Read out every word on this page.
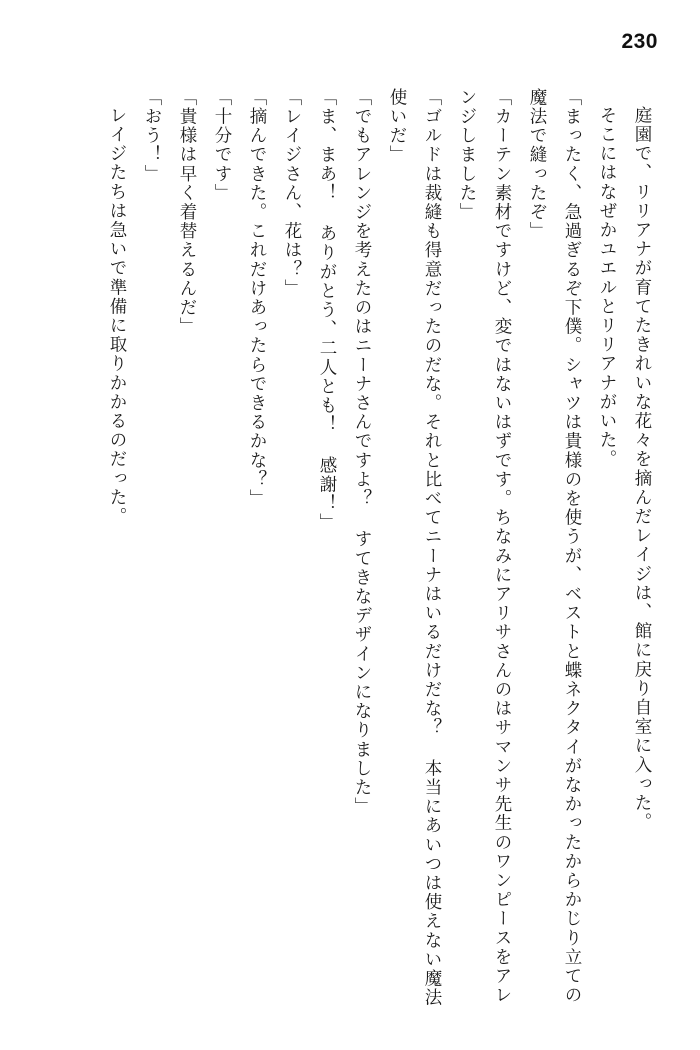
230

庭園で、リリアナが育てたきれいな花々を摘んだレイジは、館に戻り自室に入った。

そこにはなぜかユエルとリリアナがいた。

「まったく、急過ぎるぞ下僕。シャツは貴様のを使うが、ベストと蝶ネクタイがなかったからかじり立ての魔法で縫ったぞ」

「カーテン素材ですけど、変ではないはずです。ちなみにアリサさんのはサマンサ先生のワンピースをアレンジしました」

「ゴルドは裁縫も得意だったのだな。それと比べてニーナはいるだけだな？ 本当にあいつは使えない魔法使いだ」

「でもアレンジを考えたのはニーナさんですよ？ すてきなデザインになりました」

「ま、まあ！ ありがとう、二人とも！ 感謝！」

「レイジさん、花は？」

「摘んできた。これだけあったらできるかな？」

「十分です」

「貴様は早く着替えるんだ」

「おう！」

レイジたちは急いで準備に取りかかるのだった。
